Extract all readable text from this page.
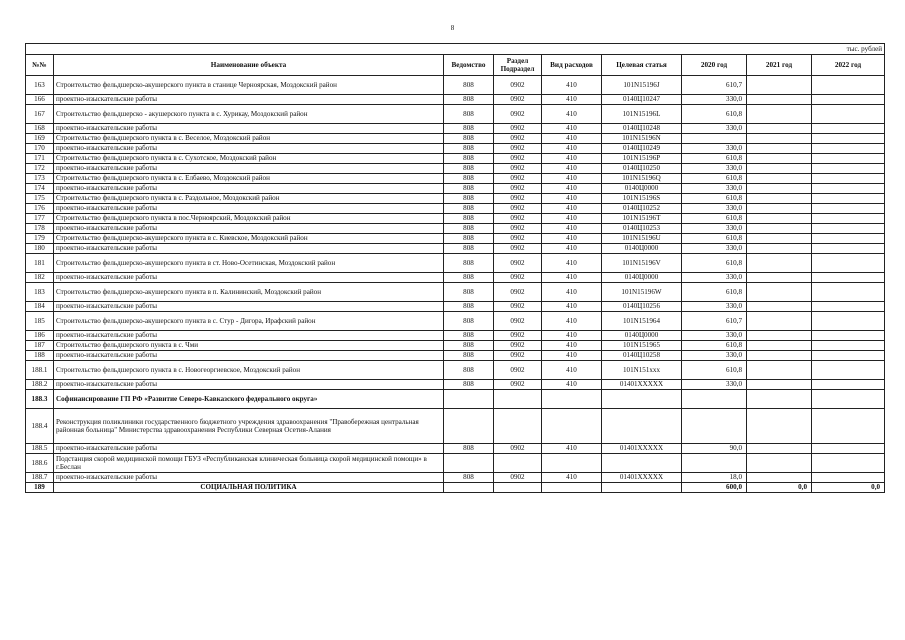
8
	тыс. рублей							
№№	Наименование объекта	Ведомство	Раздел Подраздел	Вид расходов	Целевая статья	2020 год	2021 год	2022 год
163	Строительство фельдшерско-акушерского пункта в станице Черноярская, Моздокский район	808	0902	410	101N15196J	610,7		
166	проектно-изыскательские работы	808	0902	410	0140Ц10247	330,0		
167	Строительство фельдшерско - акушерского пункта в с. Хурикау, Моздокский район	808	0902	410	101N15196L	610,8		
168	проектно-изыскательские работы	808	0902	410	0140Ц10248	330,0		
169	Строительство фельдшерского пункта в с. Веселое, Моздокский район	808	0902	410	101N15196N			
170	проектно-изыскательские работы	808	0902	410	0140Ц10249	330,0		
171	Строительство фельдшерского пункта в с. Сухотское, Моздокский район	808	0902	410	101N15196P	610,8		
172	проектно-изыскательские работы	808	0902	410	0140Ц10250	330,0		
173	Строительство фельдшерского пункта в с. Елбаево, Моздокский район	808	0902	410	101N15196Q	610,8		
174	проектно-изыскательские работы	808	0902	410	0140Ц0000	330,0		
175	Строительство фельдшерского пункта в с. Раздольное, Моздокский район	808	0902	410	101N15196S	610,8		
176	проектно-изыскательские работы	808	0902	410	0140Ц10252	330,0		
177	Строительство фельдшерского пункта в пос.Черноярский, Моздокский район	808	0902	410	101N15196T	610,8		
178	проектно-изыскательские работы	808	0902	410	0140Ц10253	330,0		
179	Строительство фельдшерско-акушерского пункта в с. Киевское, Моздокский район	808	0902	410	101N15196U	610,8		
180	проектно-изыскательские работы	808	0902	410	0140Ц0000	330,0		
181	Строительство фельдшерско-акушерского пункта в ст. Ново-Осетинская, Моздокский район	808	0902	410	101N15196V	610,8		
182	проектно-изыскательские работы	808	0902	410	0140Ц0000	330,0		
183	Строительство фельдшерско-акушерского пункта в п. Калининский, Моздокский район	808	0902	410	101N15196W	610,8		
184	проектно-изыскательские работы	808	0902	410	0140Ц10256	330,0		
185	Строительство фельдшерско-акушерского пункта в с. Стур - Дигора, Ирафский район	808	0902	410	101N151964	610,7		
186	проектно-изыскательские работы	808	0902	410	0140Ц0000	330,0		
187	Строительство фельдшерского пункта в с. Чми	808	0902	410	101N151965	610,8		
188	проектно-изыскательские работы	808	0902	410	0140Ц10258	330,0		
188.1	Строительство фельдшерского пункта в с. Новогеоргиевское, Моздокский район	808	0902	410	101N151xxx	610,8		
188.2	проектно-изыскательские работы	808	0902	410	01401XXXXX	330,0		
188.3	Софинансирование ГП РФ «Развитие Северо-Кавказского федерального округа»							
188.4	Реконструкция поликлиники государственного бюджетного учреждения здравоохранения "Правобережная центральная районная больница" Министерства здравоохранения Республики Северная Осетия-Алания							
188.5	проектно-изыскательские работы	808	0902	410	01401XXXXX	90,0		
188.6	Подстанция скорой медицинской помощи ГБУЗ «Республиканская клиническая больница скорой медицинской помощи» в г.Беслан							
188.7	проектно-изыскательские работы	808	0902	410	01401XXXXX	18,0		
189	СОЦИАЛЬНАЯ ПОЛИТИКА					600,0	0,0	0,0
